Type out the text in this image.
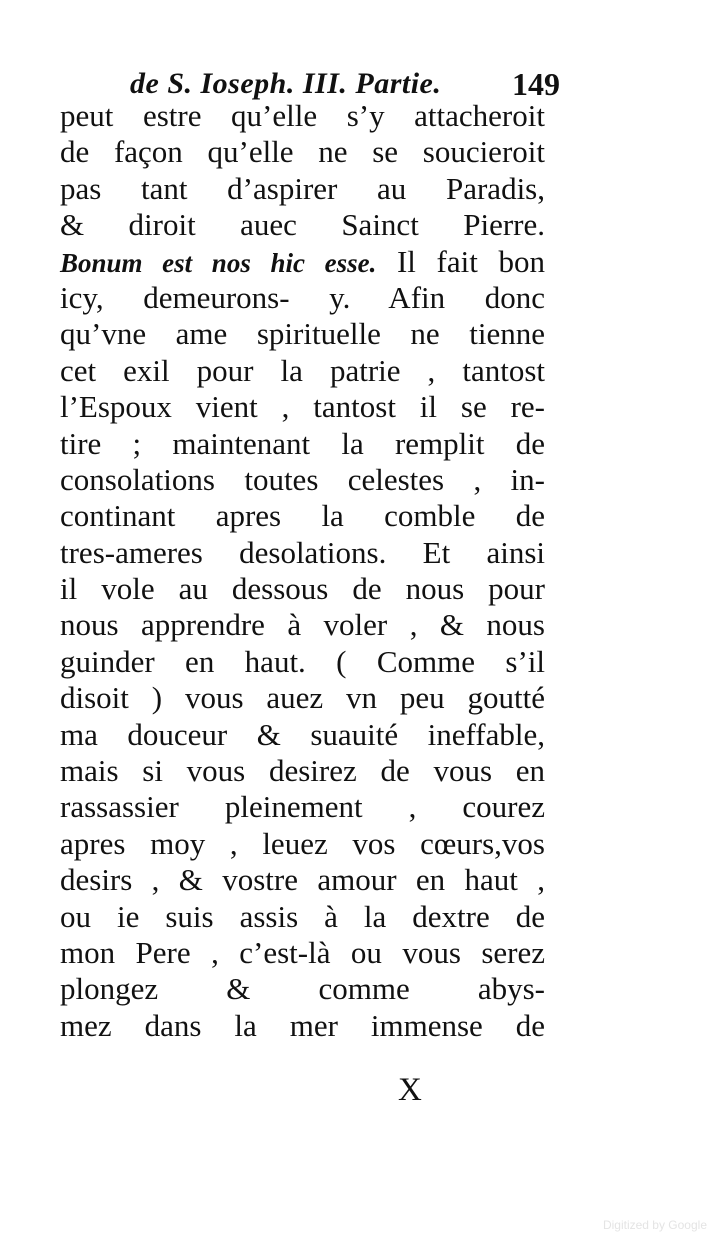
de S. Ioseph. III. Partie. 149
peut estre qu’elle s’y attacheroit
de façon qu’elle ne se soucieroit
pas tant d’aspirer au Paradis,
& diroit auec Sainct Pierre.
Bonum est nos hic esse. Il fait bon
icy, demeurons- y. Afin donc
qu’vne ame spirituelle ne tienne
cet exil pour la patrie , tantost
l’Espoux vient , tantost il se re-
tire ; maintenant la remplit de
consolations toutes celestes , in-
continant apres la comble de
tres-ameres desolations. Et ainsi
il vole au dessous de nous pour
nous apprendre à voler , & nous
guinder en haut. ( Comme s’il
disoit ) vous auez vn peu goutté
ma douceur & suauité ineffable,
mais si vous desirez de vous en
rassassier pleinement , courez
apres moy , leuez vos cœurs,vos
desirs , & vostre amour en haut ,
ou ie suis assis à la dextre de
mon Pere , c’est-là ou vous serez
plongez & comme abys-
mez dans la mer immense de
X
Digitized by Google
